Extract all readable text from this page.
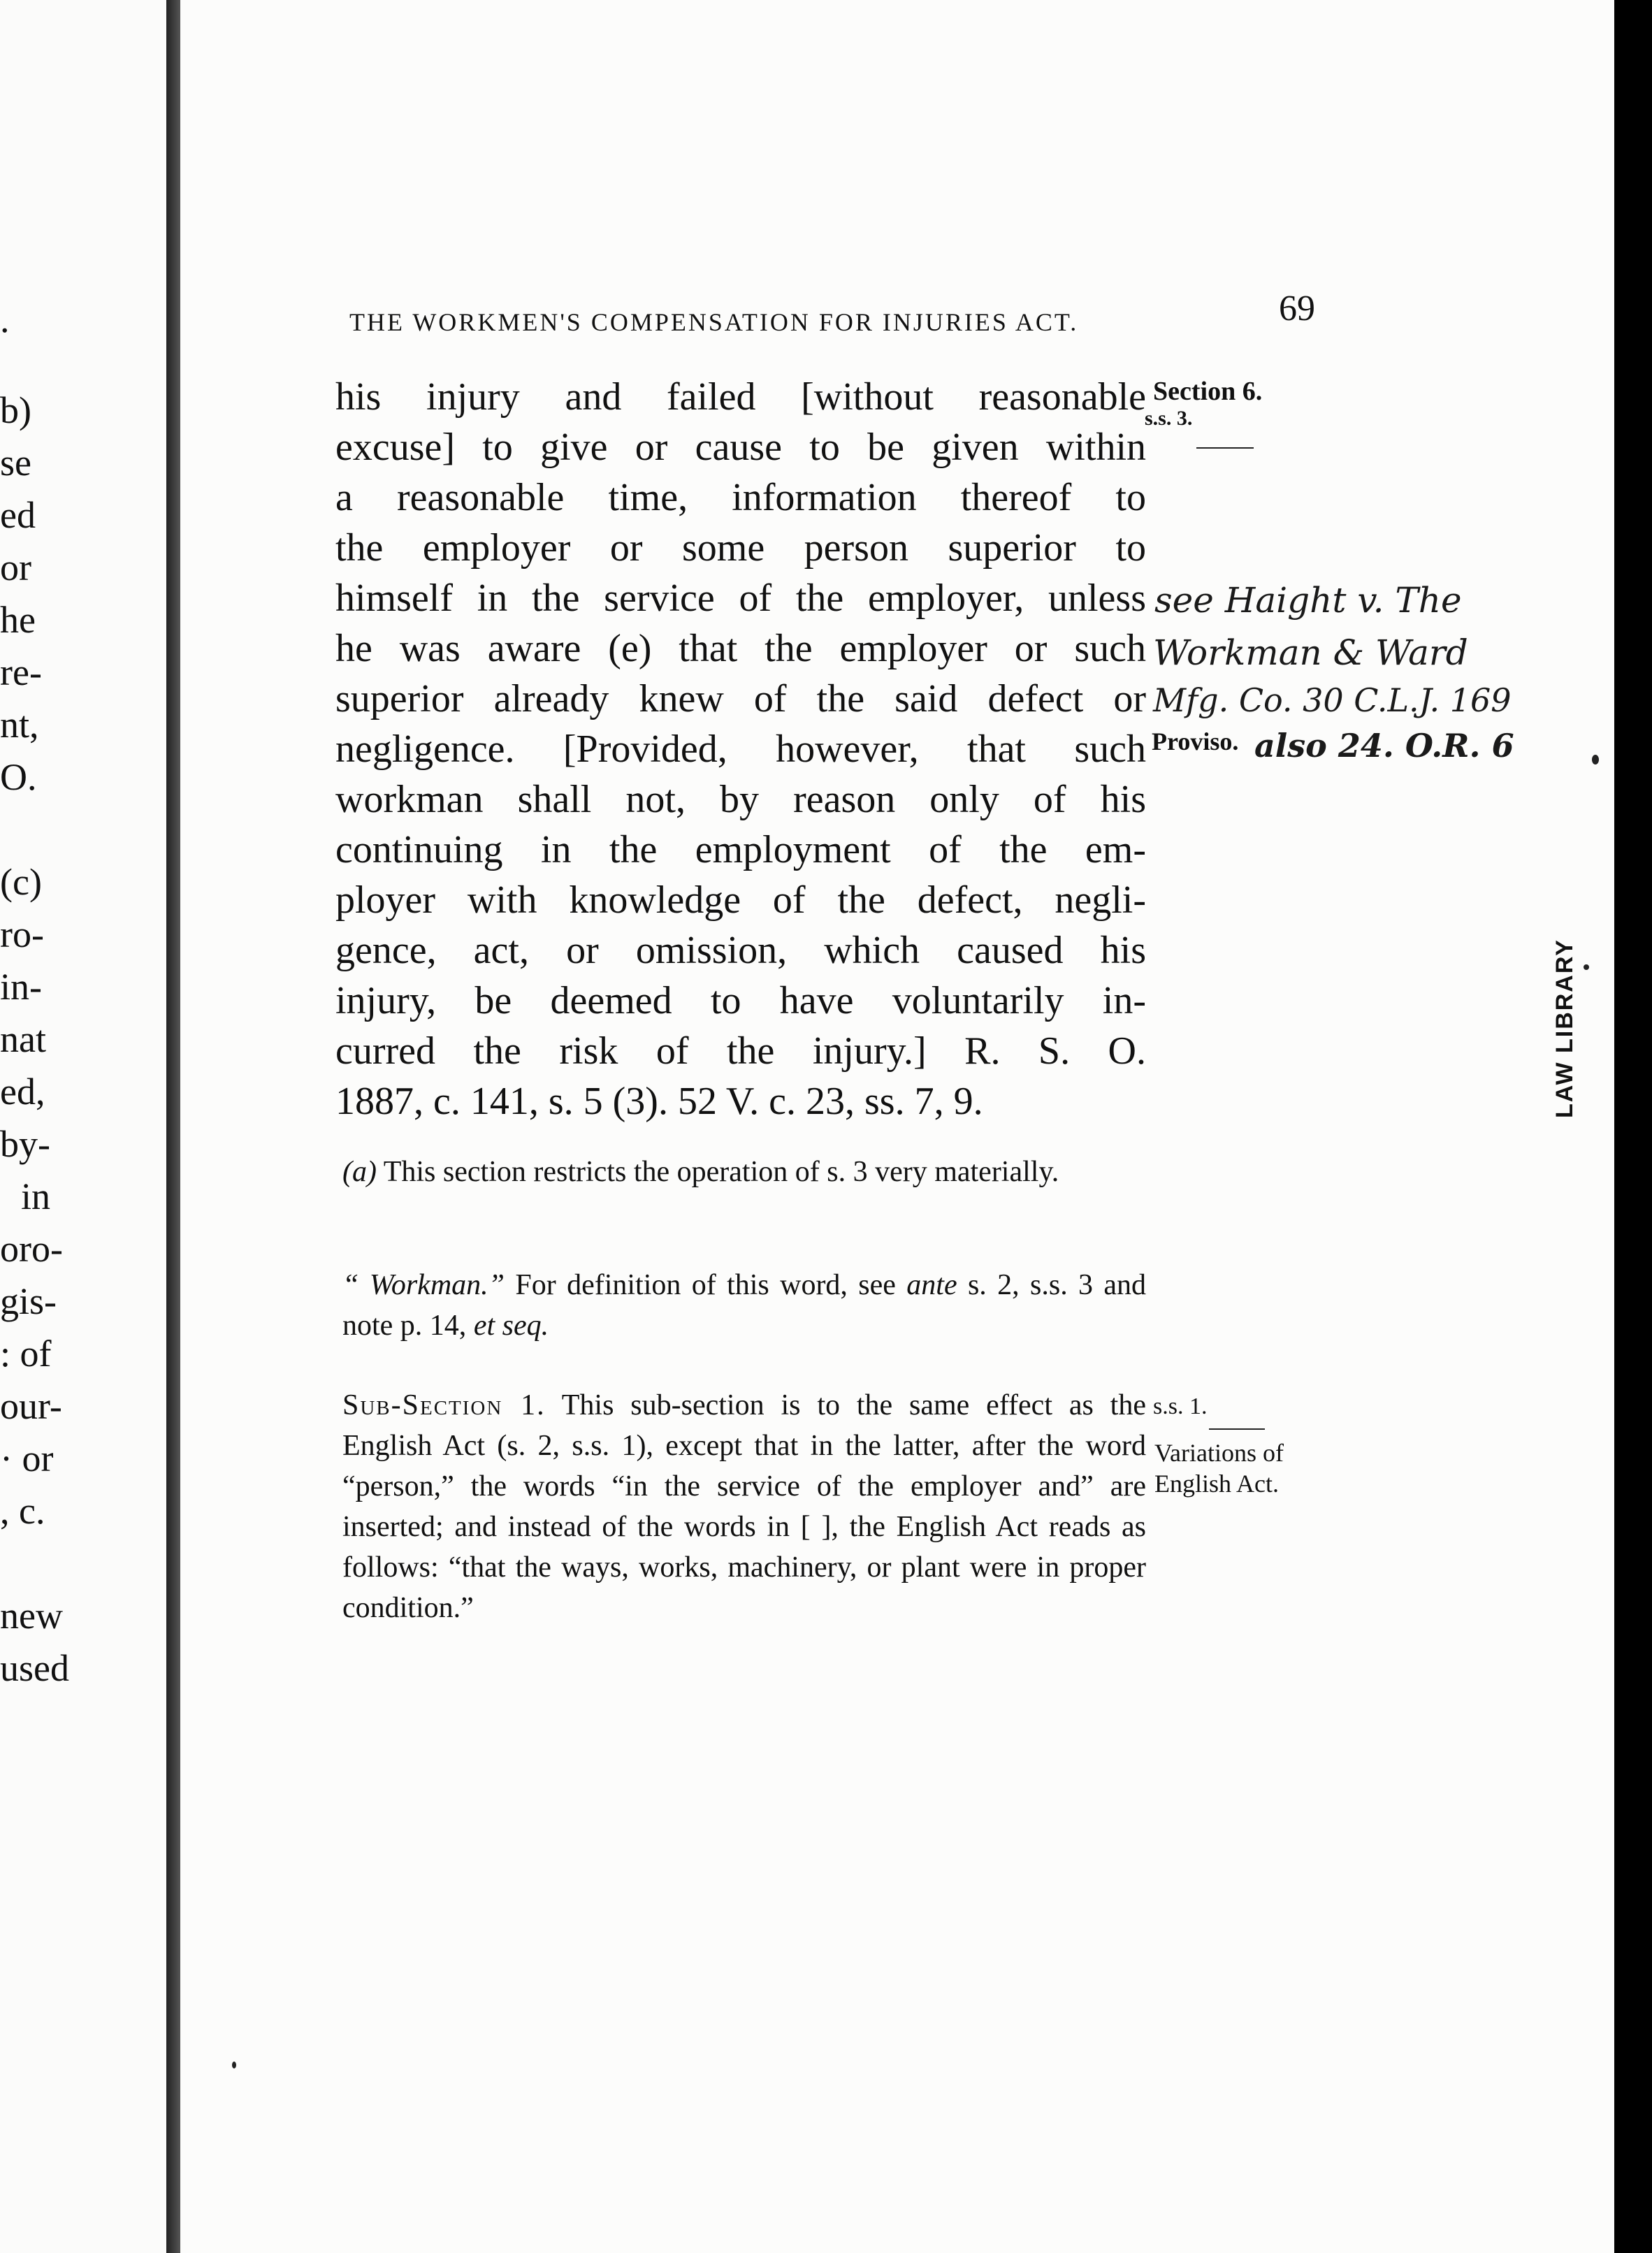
.
b)
se
ed
or
he
re-
nt,
O.
(c)
ro-
in-
nat
ed,
by-
in
oro-
gis-
: of
our-
· or
, c.
new
used
THE WORKMEN'S COMPENSATION FOR INJURIES ACT.	69
his injury and failed [without reasonable
excuse] to give or cause to be given within
a reasonable time, information thereof to
the employer or some person superior to
himself in the service of the employer, unless
he was aware (e) that the employer or such
superior already knew of the said defect or
negligence. [Provided, however, that such
workman shall not, by reason only of his
continuing in the employment of the em-
ployer with knowledge of the defect, negli-
gence, act, or omission, which caused his
injury, be deemed to have voluntarily in-
curred the risk of the injury.] R. S. O.
1887, c. 141, s. 5 (3). 52 V. c. 23, ss. 7, 9.
Section 6.
s.s. 3.
Proviso.
see Haight v. The
Workman & Ward
Mfg. Co. 30 C.L.J. 169
also 24. O.R. 6

(a) This section restricts the operation of s. 3 very materially.

“ Workman.” For definition of this word, see ante s. 2, s.s. 3 and note p. 14, et seq.

Sub-Section 1. This sub-section is to the same effect as the English Act (s. 2, s.s. 1), except that in the latter, after the word “person,” the words “in the service of the employer and” are inserted; and instead of the words in [ ], the English Act reads as follows: “that the ways, works, machinery, or plant were in proper condition.”

s.s. 1.
Variations of
English Act.
LAW LIBRARY
